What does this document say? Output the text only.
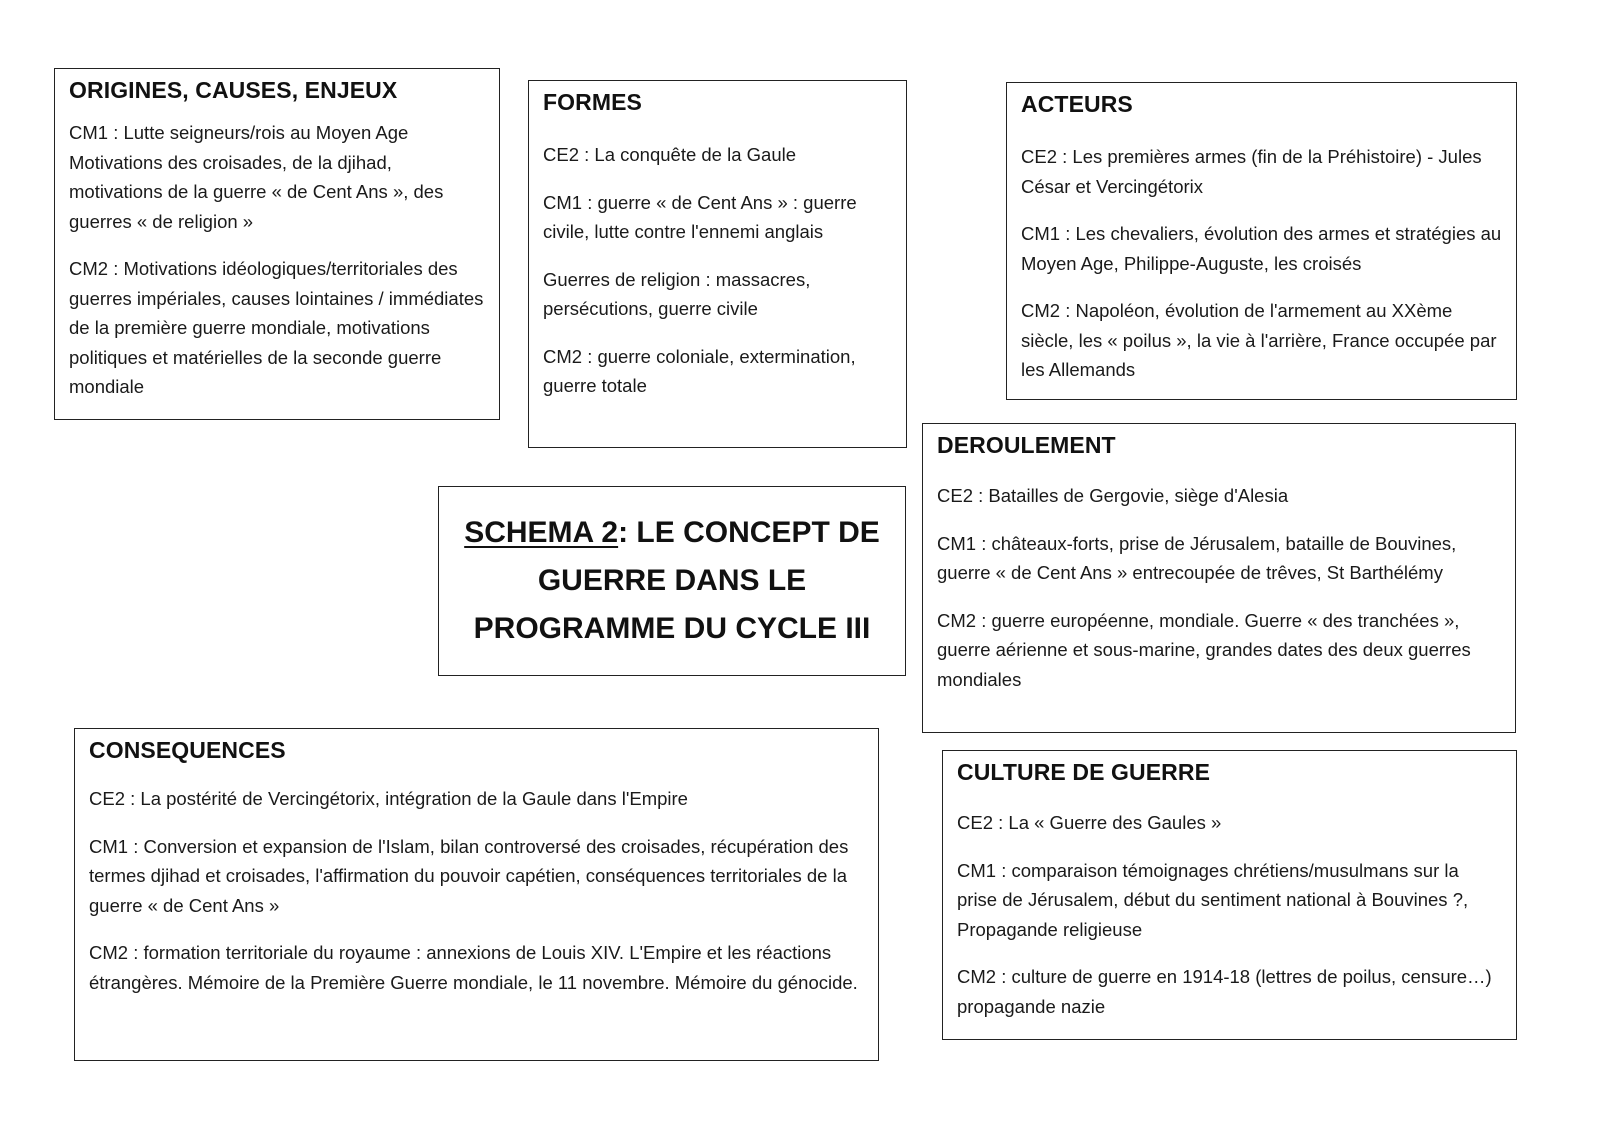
ORIGINES, CAUSES, ENJEUX

CM1 : Lutte seigneurs/rois au Moyen Age Motivations des croisades, de la djihad, motivations de la guerre « de Cent Ans », des guerres « de religion »

CM2 : Motivations idéologiques/territoriales des guerres impériales, causes lointaines / immédiates de la première guerre mondiale, motivations politiques et matérielles de la seconde guerre mondiale

FORMES

CE2 : La conquête de la Gaule

CM1 : guerre « de Cent Ans » : guerre civile, lutte contre l'ennemi anglais

Guerres de religion : massacres, persécutions, guerre civile

CM2 : guerre coloniale, extermination, guerre totale

ACTEURS

CE2 : Les premières armes (fin de la Préhistoire) - Jules César et Vercingétorix

CM1 : Les chevaliers, évolution des armes et stratégies au Moyen Age, Philippe-Auguste, les croisés

CM2 : Napoléon, évolution de l'armement au XXème siècle, les « poilus », la vie à l'arrière, France occupée par les Allemands

SCHEMA 2: LE CONCEPT DE GUERRE DANS LE PROGRAMME DU CYCLE III
DEROULEMENT

CE2 : Batailles de Gergovie, siège d'Alesia

CM1 : châteaux-forts, prise de Jérusalem, bataille de Bouvines, guerre « de Cent Ans » entrecoupée de trêves, St Barthélémy

CM2 : guerre européenne, mondiale. Guerre « des tranchées », guerre aérienne et sous-marine, grandes dates des deux guerres mondiales

CONSEQUENCES

CE2 : La postérité de Vercingétorix, intégration de la Gaule dans l'Empire

CM1 : Conversion et expansion de l'Islam, bilan controversé des croisades, récupération des termes djihad et croisades, l'affirmation du pouvoir capétien, conséquences territoriales de la guerre « de Cent Ans »

CM2 : formation territoriale du royaume : annexions de Louis XIV. L'Empire et les réactions étrangères. Mémoire de la Première Guerre mondiale, le 11 novembre. Mémoire du génocide.

CULTURE DE GUERRE

CE2 : La « Guerre des Gaules »

CM1 : comparaison témoignages chrétiens/musulmans sur la prise de Jérusalem, début du sentiment national à Bouvines ?, Propagande religieuse

CM2 : culture de guerre en 1914-18 (lettres de poilus, censure…) propagande nazie
